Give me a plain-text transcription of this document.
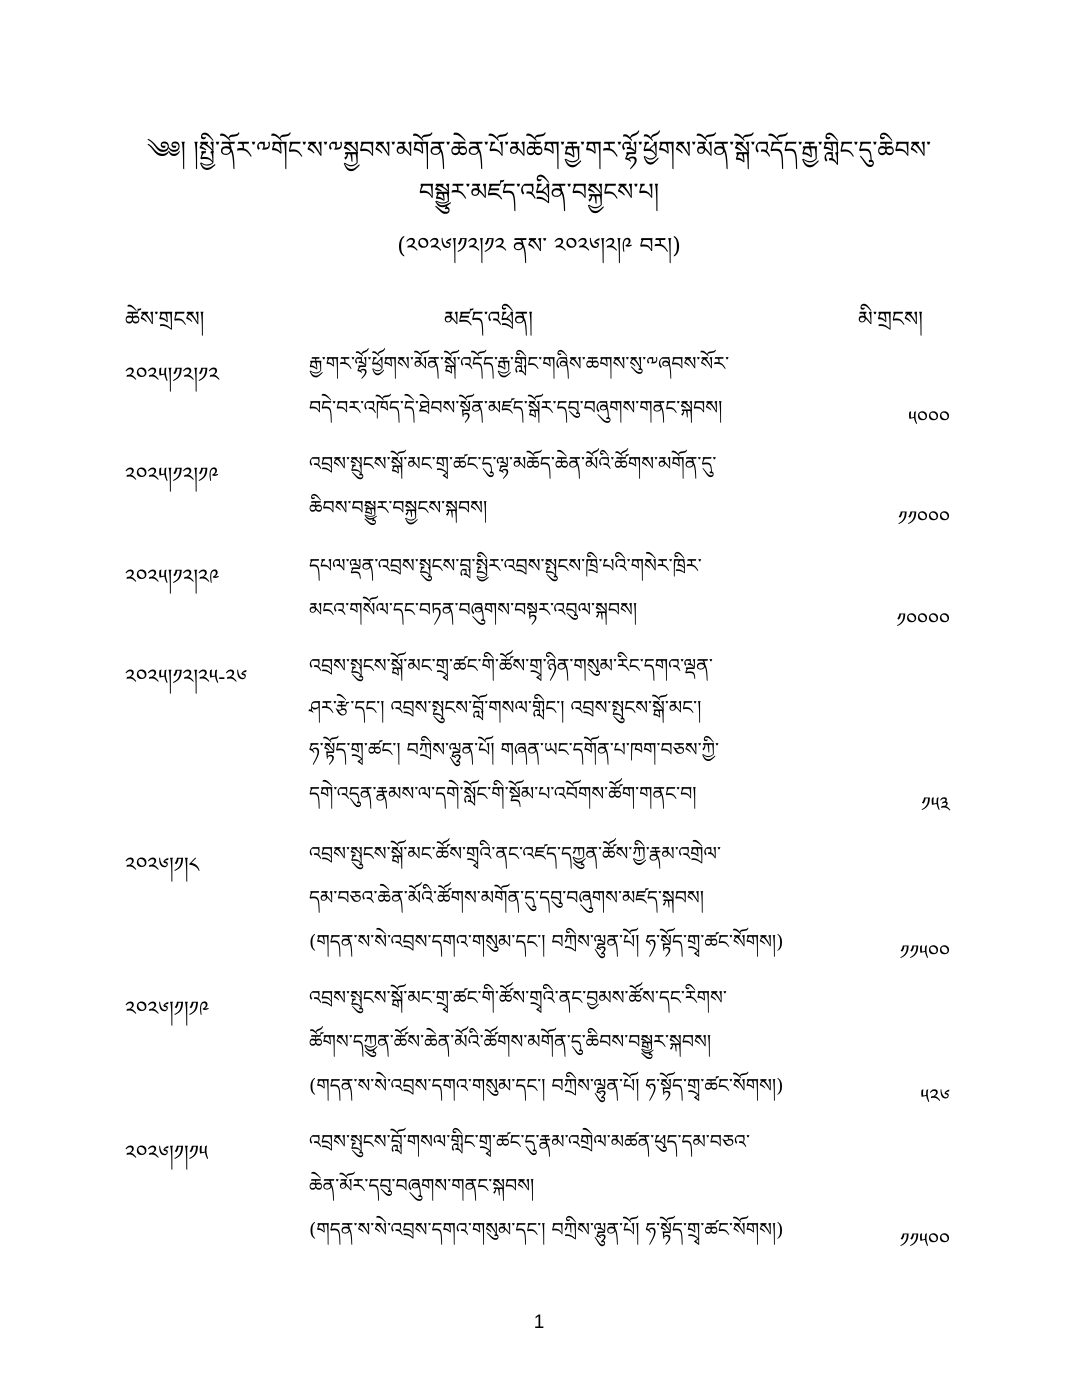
༄༅། །སྤྱི་ནོར་༸གོང་ས་༸སྐྱབས་མགོན་ཆེན་པོ་མཆོག་རྒྱ་གར་ལྷོ་ཕྱོགས་མོན་སྒོ་འདོད་རྒྱ་གླིང་དུ་ཆིབས་
བསྒྱུར་མཛད་འཕྲིན་བསྐྱངས་པ།
(༢༠༢༦།༡༢།༡༢ ནས་ ༢༠༢༦།༢།༩ བར།)
ཚེས་གྲངས།	མཛད་འཕྲིན།	མི་གྲངས།
༢༠༢༥།༡༢།༡༢	རྒྱ་གར་ལྷོ་ཕྱོགས་མོན་སྒོ་འདོད་རྒྱ་གླིང་གཞིས་ཆགས་སུ་༸ཞབས་སོར་
བདེ་བར་འཁོད་དེ་ཐེབས་སྟོན་མཛད་སྒོར་དབུ་བཞུགས་གནང་སྐབས།	༥༠༠༠
༢༠༢༥།༡༢།༡༩	འབྲས་སྤུངས་སྒོ་མང་གྲྭ་ཚང་དུ་ལྷ་མཆོད་ཆེན་མོའི་ཚོགས་མགོན་དུ་
ཆིབས་བསྒྱུར་བསྐྱངས་སྐབས།	༡༡༠༠༠
༢༠༢༥།༡༢།༢༩	དཔལ་ལྡན་འབྲས་སྤུངས་བླ་སྤྱིར་འབྲས་སྤུངས་ཁྲི་པའི་གསེར་ཁྲིར་
མངའ་གསོལ་དང་བཏན་བཞུགས་བསྟར་འབུལ་སྐབས།	༡༠༠༠༠
༢༠༢༥།༡༢།༢༥-༢༦	འབྲས་སྤུངས་སྒོ་མང་གྲྭ་ཚང་གི་ཚོས་གྲྭ་ཉིན་གསུམ་རིང་དགའ་ལྡན་
ཤར་རྩེ་དང་། འབྲས་སྤུངས་བློ་གསལ་གླིང་། འབྲས་སྤུངས་སྒོ་མང་།
ཧ་སྟོད་གྲྭ་ཚང་། བཀྲིས་ལྷུན་པོ། གཞན་ཡང་དགོན་པ་ཁག་བཅས་ཀྱི་
དགེ་འདུན་རྣམས་ལ་དགེ་སློང་གི་སྡོམ་པ་འབོགས་ཚོག་གནང་བ།	༡༥༣
༢༠༢༦།༡།༨	འབྲས་སྤུངས་སྒོ་མང་ཚོས་གྲྭའི་ནང་འཛད་དཀྱུན་ཚོས་ཀྱི་རྣམ་འགྲེལ་
དམ་བཅའ་ཆེན་མོའི་ཚོགས་མགོན་དུ་དབུ་བཞུགས་མཛད་སྐབས།
(གདན་ས་སེ་འབྲས་དགའ་གསུམ་དང་། བཀྲིས་ལྷུན་པོ། ཧ་སྟོད་གྲྭ་ཚང་སོགས།)	༡༡༥༠༠
༢༠༢༦།༡།༡༩	འབྲས་སྤུངས་སྒོ་མང་གྲྭ་ཚང་གི་ཚོས་གྲྭའི་ནང་བྱམས་ཚོས་དང་རིགས་
ཚོགས་དཀྱུན་ཚོས་ཆེན་མོའི་ཚོགས་མགོན་དུ་ཆིབས་བསྒྱུར་སྐབས།
(གདན་ས་སེ་འབྲས་དགའ་གསུམ་དང་། བཀྲིས་ལྷུན་པོ། ཧ་སྟོད་གྲྭ་ཚང་སོགས།)	༥༢༦
༢༠༢༦།༡།༡༥	འབྲས་སྤུངས་བློ་གསལ་གླིང་གྲྭ་ཚང་དུ་རྣམ་འགྲེལ་མཚན་ཕུད་དམ་བཅའ་
ཆེན་མོར་དབུ་བཞུགས་གནང་སྐབས།
(གདན་ས་སེ་འབྲས་དགའ་གསུམ་དང་། བཀྲིས་ལྷུན་པོ། ཧ་སྟོད་གྲྭ་ཚང་སོགས།)	༡༡༥༠༠
1
